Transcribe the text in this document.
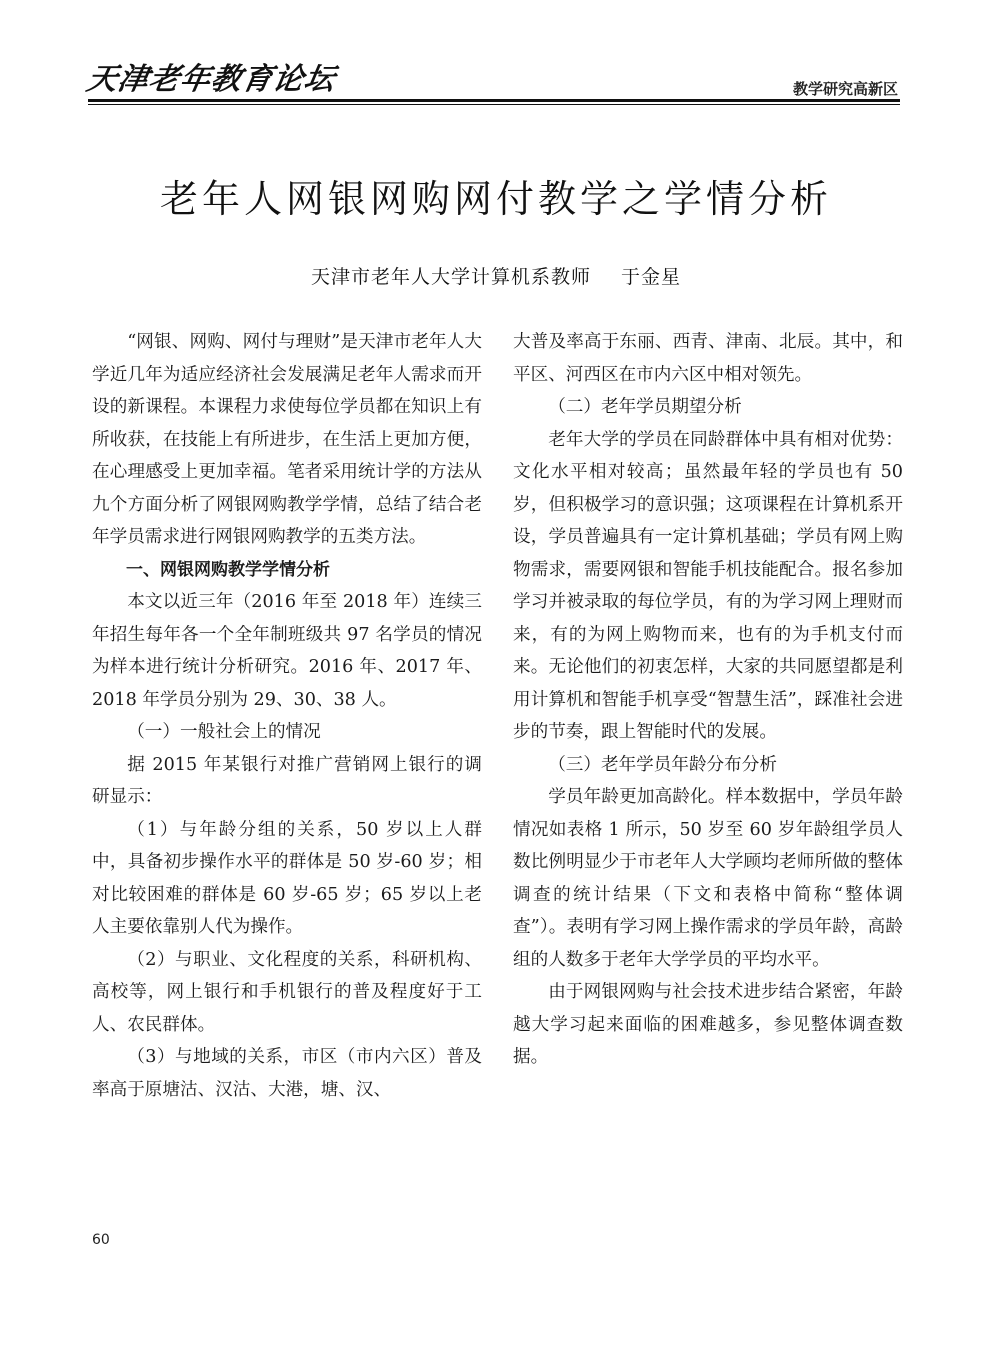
天津老年教育论坛	教学研究高新区
老年人网银网购网付教学之学情分析
天津市老年人大学计算机系教师 于金星

“网银、网购、网付与理财”是天津市老年人大学近几年为适应经济社会发展满足老年人需求而开设的新课程。本课程力求使每位学员都在知识上有所收获，在技能上有所进步，在生活上更加方便，在心理感受上更加幸福。笔者采用统计学的方法从九个方面分析了网银网购教学学情，总结了结合老年学员需求进行网银网购教学的五类方法。

一、网银网购教学学情分析

本文以近三年（2016 年至 2018 年）连续三年招生每年各一个全年制班级共 97 名学员的情况为样本进行统计分析研究。2016 年、2017 年、2018 年学员分别为 29、30、38 人。

（一）一般社会上的情况

据 2015 年某银行对推广营销网上银行的调研显示：

（1）与年龄分组的关系，50 岁以上人群中，具备初步操作水平的群体是 50 岁-60 岁；相对比较困难的群体是 60 岁-65 岁；65 岁以上老人主要依靠别人代为操作。

（2）与职业、文化程度的关系，科研机构、高校等，网上银行和手机银行的普及程度好于工人、农民群体。

（3）与地域的关系，市区（市内六区）普及率高于原塘沽、汉沽、大港，塘、汉、

大普及率高于东丽、西青、津南、北辰。其中，和平区、河西区在市内六区中相对领先。

（二）老年学员期望分析

老年大学的学员在同龄群体中具有相对优势：文化水平相对较高；虽然最年轻的学员也有 50 岁，但积极学习的意识强；这项课程在计算机系开设，学员普遍具有一定计算机基础；学员有网上购物需求，需要网银和智能手机技能配合。报名参加学习并被录取的每位学员，有的为学习网上理财而来，有的为网上购物而来，也有的为手机支付而来。无论他们的初衷怎样，大家的共同愿望都是利用计算机和智能手机享受“智慧生活”，踩准社会进步的节奏，跟上智能时代的发展。

（三）老年学员年龄分布分析

学员年龄更加高龄化。样本数据中，学员年龄情况如表格 1 所示，50 岁至 60 岁年龄组学员人数比例明显少于市老年人大学顾均老师所做的整体调查的统计结果（下文和表格中简称“整体调查”）。表明有学习网上操作需求的学员年龄，高龄组的人数多于老年大学学员的平均水平。

由于网银网购与社会技术进步结合紧密，年龄越大学习起来面临的困难越多，参见整体调查数据。

60
